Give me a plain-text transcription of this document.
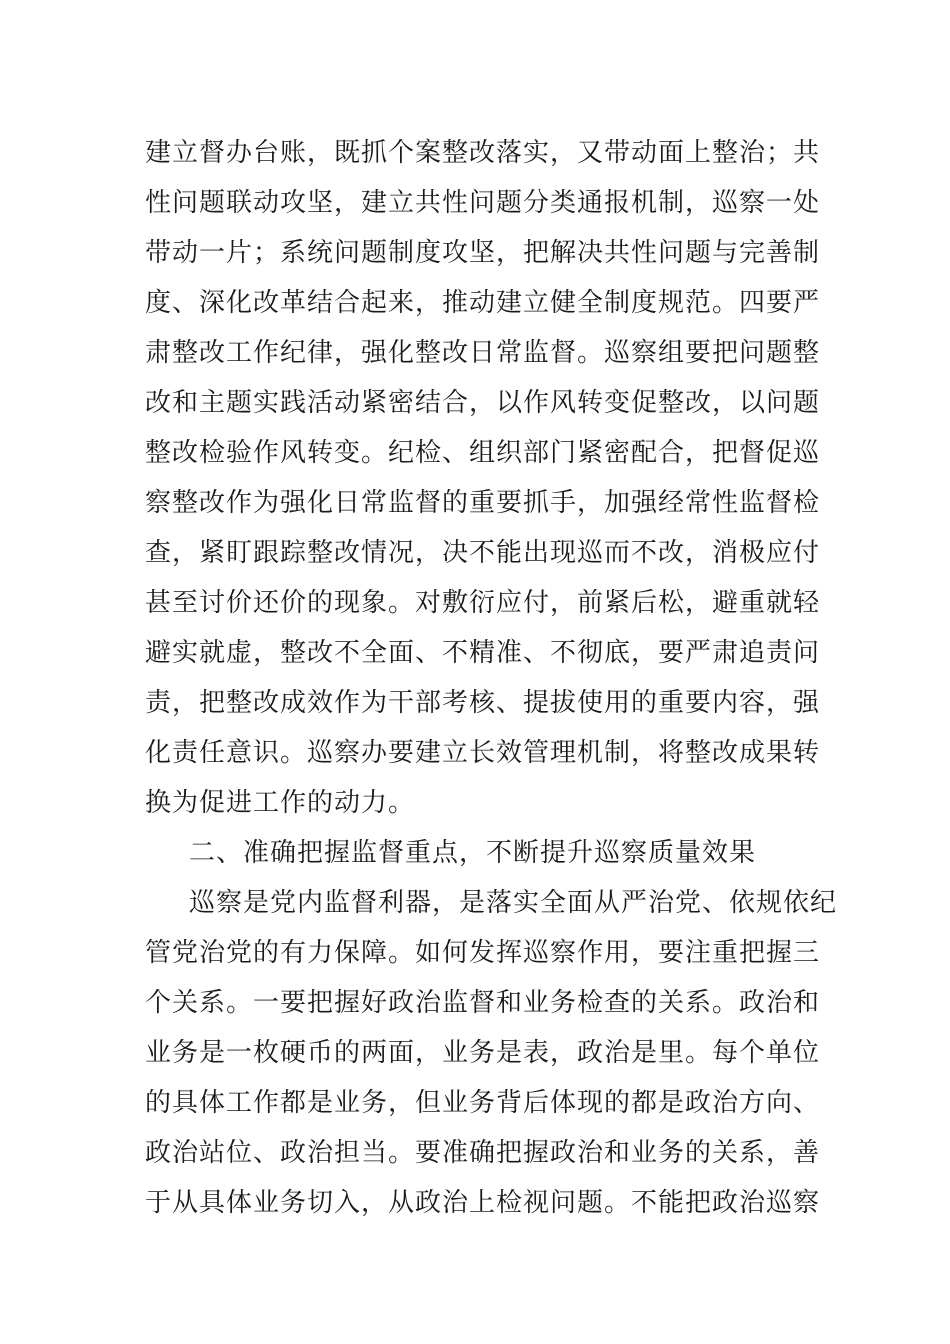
建立督办台账，既抓个案整改落实，又带动面上整治；共
性问题联动攻坚，建立共性问题分类通报机制，巡察一处
带动一片；系统问题制度攻坚，把解决共性问题与完善制
度、深化改革结合起来，推动建立健全制度规范。四要严
肃整改工作纪律，强化整改日常监督。巡察组要把问题整
改和主题实践活动紧密结合，以作风转变促整改，以问题
整改检验作风转变。纪检、组织部门紧密配合，把督促巡
察整改作为强化日常监督的重要抓手，加强经常性监督检
查，紧盯跟踪整改情况，决不能出现巡而不改，消极应付
甚至讨价还价的现象。对敷衍应付，前紧后松，避重就轻
避实就虚，整改不全面、不精准、不彻底，要严肃追责问
责，把整改成效作为干部考核、提拔使用的重要内容，强
化责任意识。巡察办要建立长效管理机制，将整改成果转
换为促进工作的动力。
二、准确把握监督重点，不断提升巡察质量效果
巡察是党内监督利器，是落实全面从严治党、依规依纪
管党治党的有力保障。如何发挥巡察作用，要注重把握三
个关系。一要把握好政治监督和业务检查的关系。政治和
业务是一枚硬币的两面，业务是表，政治是里。每个单位
的具体工作都是业务，但业务背后体现的都是政治方向、
政治站位、政治担当。要准确把握政治和业务的关系，善
于从具体业务切入，从政治上检视问题。不能把政治巡察
